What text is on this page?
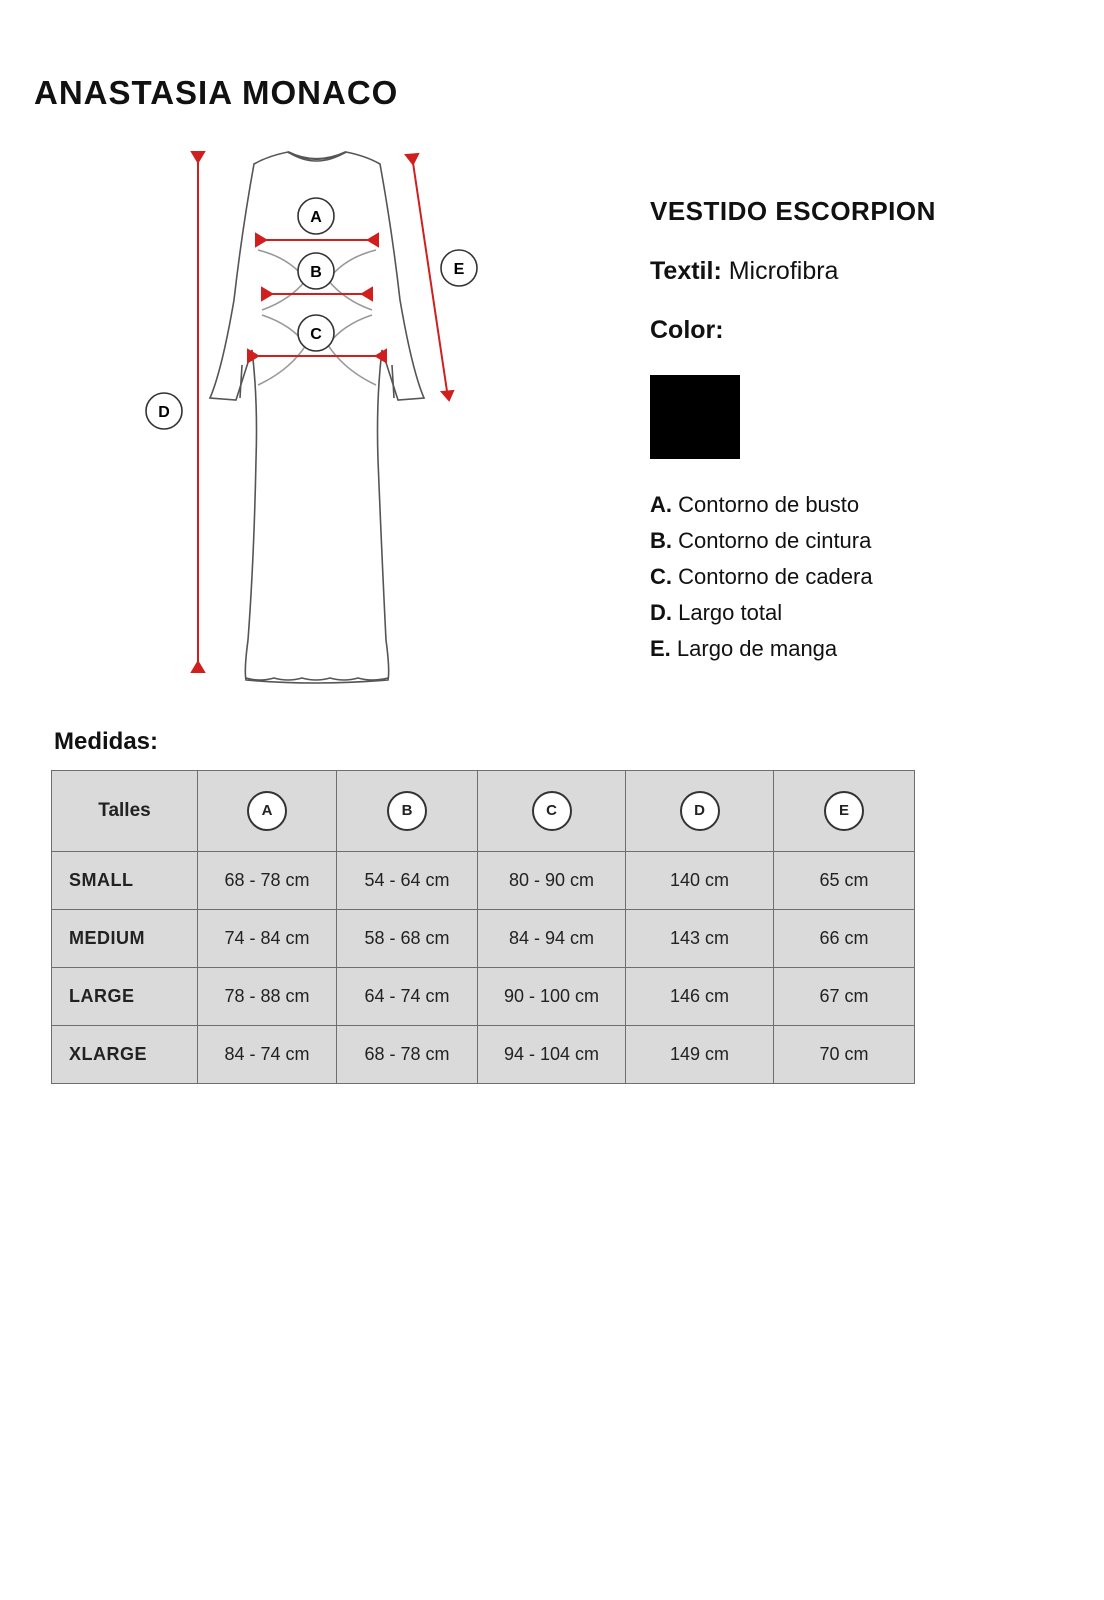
ANASTASIA MONACO
A
B
C
D
E
VESTIDO ESCORPION
Textil: Microfibra
Color:
A. Contorno de busto
B. Contorno de cintura
C. Contorno de cadera
D. Largo total
E. Largo de manga
Medidas:
Talles	A	B	C	D	E
SMALL	68 - 78 cm	54 - 64 cm	80 - 90 cm	140 cm	65 cm
MEDIUM	74 - 84 cm	58 - 68 cm	84 - 94 cm	143 cm	66 cm
LARGE	78 - 88 cm	64 - 74 cm	90 - 100 cm	146 cm	67 cm
XLARGE	84 - 74 cm	68 - 78 cm	94 - 104 cm	149 cm	70 cm
